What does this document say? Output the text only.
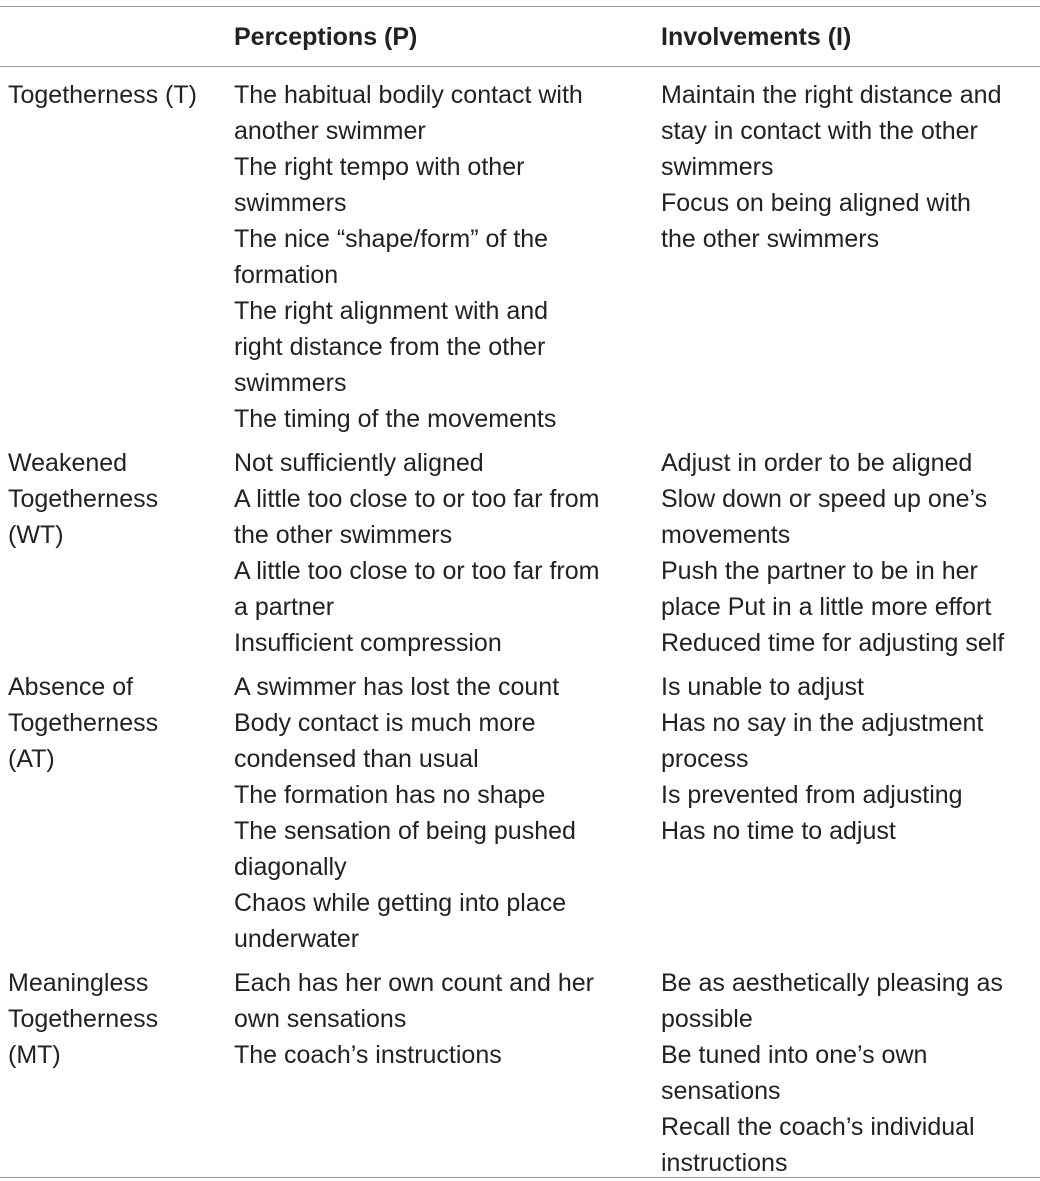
Perceptions (P)	Involvements (I)
Togetherness (T)	The habitual bodily contact with
another swimmer
The right tempo with other
swimmers
The nice “shape/form” of the
formation
The right alignment with and
right distance from the other
swimmers
The timing of the movements
Maintain the right distance and
stay in contact with the other
swimmers
Focus on being aligned with
the other swimmers
Weakened
Togetherness
(WT)
Not sufficiently aligned
A little too close to or too far from
the other swimmers
A little too close to or too far from
a partner
Insufficient compression
Adjust in order to be aligned
Slow down or speed up one’s
movements
Push the partner to be in her
place Put in a little more effort
Reduced time for adjusting self
Absence of
Togetherness
(AT)
A swimmer has lost the count
Body contact is much more
condensed than usual
The formation has no shape
The sensation of being pushed
diagonally
Chaos while getting into place
underwater
Is unable to adjust
Has no say in the adjustment
process
Is prevented from adjusting
Has no time to adjust
Meaningless
Togetherness
(MT)
Each has her own count and her
own sensations
The coach’s instructions
Be as aesthetically pleasing as
possible
Be tuned into one’s own
sensations
Recall the coach’s individual
instructions
